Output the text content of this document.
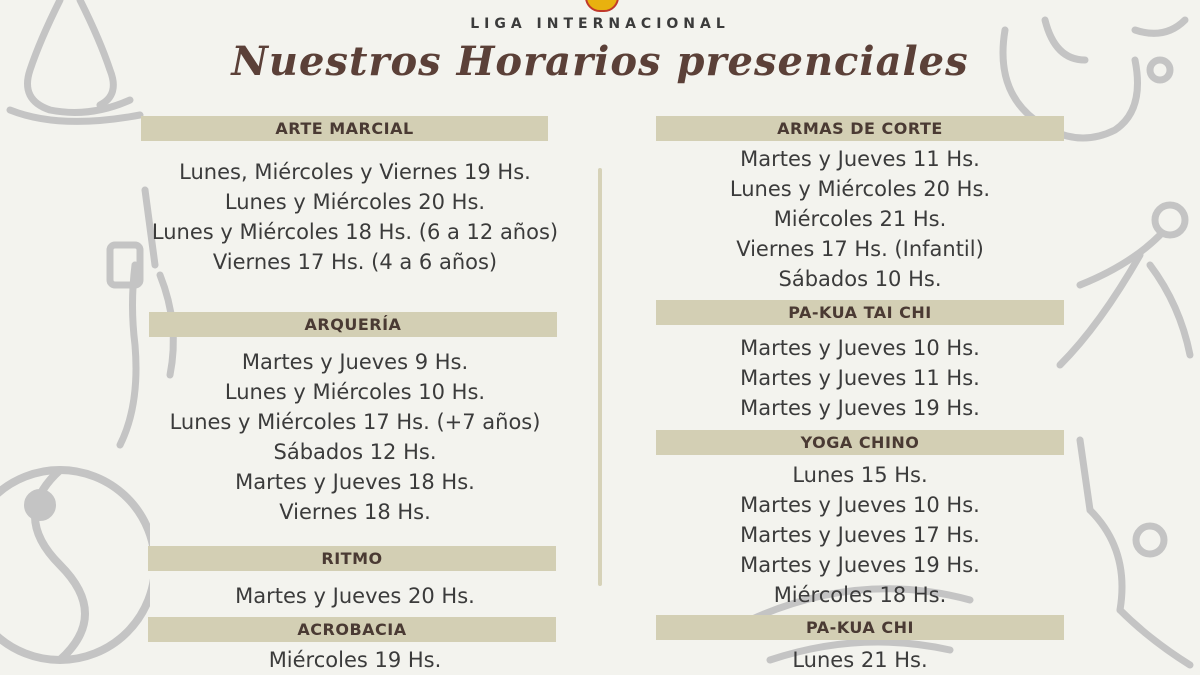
LIGA INTERNACIONAL
Nuestros Horarios presenciales
ARTE MARCIAL
Lunes, Miércoles y Viernes 19 Hs.
Lunes y Miércoles 20 Hs.
Lunes y Miércoles 18 Hs. (6 a 12 años)
Viernes 17 Hs. (4 a 6 años)
ARQUERÍA
Martes y Jueves 9 Hs.
Lunes y Miércoles 10 Hs.
Lunes y Miércoles 17 Hs. (+7 años)
Sábados 12 Hs.
Martes y Jueves 18 Hs.
Viernes 18 Hs.
RITMO
Martes y Jueves 20 Hs.
ACROBACIA
Miércoles 19 Hs.
ARMAS DE CORTE
Martes y Jueves 11 Hs.
Lunes y Miércoles 20 Hs.
Miércoles 21 Hs.
Viernes 17 Hs. (Infantil)
Sábados 10 Hs.
PA-KUA TAI CHI
Martes y Jueves 10 Hs.
Martes y Jueves 11 Hs.
Martes y Jueves 19 Hs.
YOGA CHINO
Lunes 15 Hs.
Martes y Jueves 10 Hs.
Martes y Jueves 17 Hs.
Martes y Jueves 19 Hs.
Miércoles 18 Hs.
PA-KUA CHI
Lunes 21 Hs.
